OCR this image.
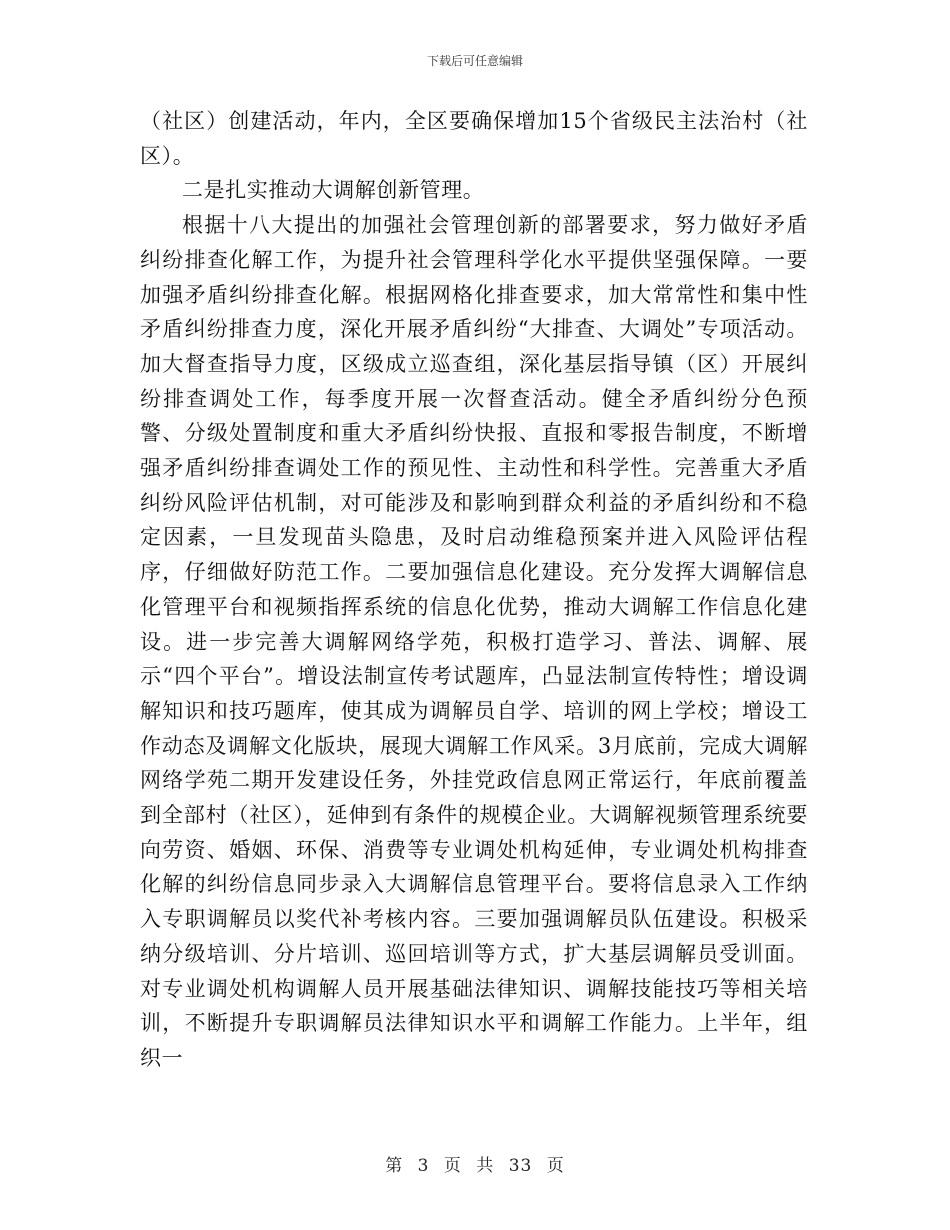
下载后可任意编辑

（社区）创建活动，年内，全区要确保增加15个省级民主法治村（社区）。

二是扎实推动大调解创新管理。

根据十八大提出的加强社会管理创新的部署要求，努力做好矛盾纠纷排查化解工作，为提升社会管理科学化水平提供坚强保障。一要加强矛盾纠纷排查化解。根据网格化排查要求，加大常常性和集中性矛盾纠纷排查力度，深化开展矛盾纠纷“大排查、大调处”专项活动。加大督查指导力度，区级成立巡查组，深化基层指导镇（区）开展纠纷排查调处工作，每季度开展一次督查活动。健全矛盾纠纷分色预警、分级处置制度和重大矛盾纠纷快报、直报和零报告制度，不断增强矛盾纠纷排查调处工作的预见性、主动性和科学性。完善重大矛盾纠纷风险评估机制，对可能涉及和影响到群众利益的矛盾纠纷和不稳定因素，一旦发现苗头隐患，及时启动维稳预案并进入风险评估程序，仔细做好防范工作。二要加强信息化建设。充分发挥大调解信息化管理平台和视频指挥系统的信息化优势，推动大调解工作信息化建设。进一步完善大调解网络学苑，积极打造学习、普法、调解、展示“四个平台”。增设法制宣传考试题库，凸显法制宣传特性；增设调解知识和技巧题库，使其成为调解员自学、培训的网上学校；增设工作动态及调解文化版块，展现大调解工作风采。3月底前，完成大调解网络学苑二期开发建设任务，外挂党政信息网正常运行，年底前覆盖到全部村（社区），延伸到有条件的规模企业。大调解视频管理系统要向劳资、婚姻、环保、消费等专业调处机构延伸，专业调处机构排查化解的纠纷信息同步录入大调解信息管理平台。要将信息录入工作纳入专职调解员以奖代补考核内容。三要加强调解员队伍建设。积极采纳分级培训、分片培训、巡回培训等方式，扩大基层调解员受训面。对专业调处机构调解人员开展基础法律知识、调解技能技巧等相关培训，不断提升专职调解员法律知识水平和调解工作能力。上半年，组织一

第 3 页 共 33 页
